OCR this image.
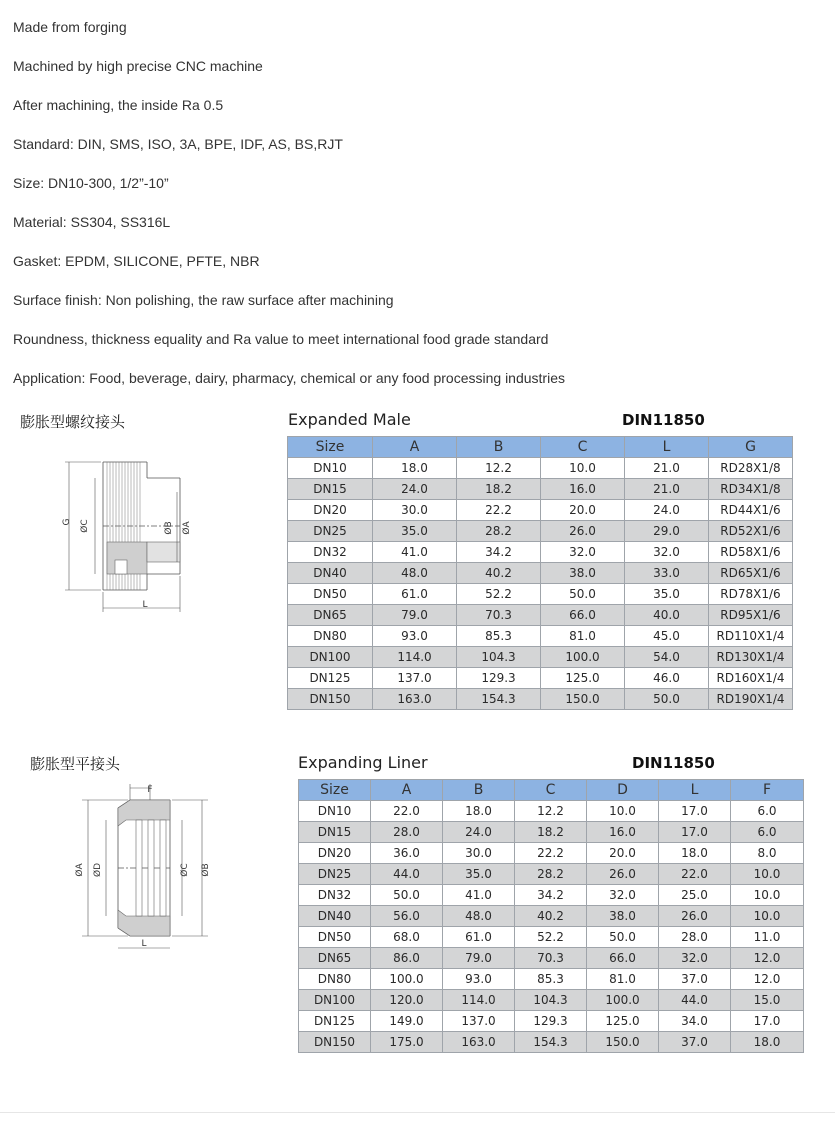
Made from forging
Machined by high precise CNC machine
After machining, the inside Ra 0.5
Standard: DIN, SMS, ISO, 3A, BPE, IDF, AS, BS,RJT
Size: DN10-300, 1/2”-10”
Material: SS304, SS316L
Gasket: EPDM, SILICONE, PFTE, NBR
Surface finish: Non polishing, the raw surface after machining
Roundness, thickness equality and Ra value to meet international food grade standard
Application: Food, beverage, dairy, pharmacy, chemical or any food processing industries
膨胀型螺纹接头
G ØC	ØB ØA
L
Expanded Male	DIN11850
Size	A	B	C	L	G
DN10	18.0	12.2	10.0	21.0	RD28X1/8
DN15	24.0	18.2	16.0	21.0	RD34X1/8
DN20	30.0	22.2	20.0	24.0	RD44X1/6
DN25	35.0	28.2	26.0	29.0	RD52X1/6
DN32	41.0	34.2	32.0	32.0	RD58X1/6
DN40	48.0	40.2	38.0	33.0	RD65X1/6
DN50	61.0	52.2	50.0	35.0	RD78X1/6
DN65	79.0	70.3	66.0	40.0	RD95X1/6
DN80	93.0	85.3	81.0	45.0	RD110X1/4
DN100	114.0	104.3	100.0	54.0	RD130X1/4
DN125	137.0	129.3	125.0	46.0	RD160X1/4
DN150	163.0	154.3	150.0	50.0	RD190X1/4
膨胀型平接头
F
ØA ØD	ØC ØB
L
Expanding Liner	DIN11850
Size	A	B	C	D	L	F
DN10	22.0	18.0	12.2	10.0	17.0	6.0
DN15	28.0	24.0	18.2	16.0	17.0	6.0
DN20	36.0	30.0	22.2	20.0	18.0	8.0
DN25	44.0	35.0	28.2	26.0	22.0	10.0
DN32	50.0	41.0	34.2	32.0	25.0	10.0
DN40	56.0	48.0	40.2	38.0	26.0	10.0
DN50	68.0	61.0	52.2	50.0	28.0	11.0
DN65	86.0	79.0	70.3	66.0	32.0	12.0
DN80	100.0	93.0	85.3	81.0	37.0	12.0
DN100	120.0	114.0	104.3	100.0	44.0	15.0
DN125	149.0	137.0	129.3	125.0	34.0	17.0
DN150	175.0	163.0	154.3	150.0	37.0	18.0
